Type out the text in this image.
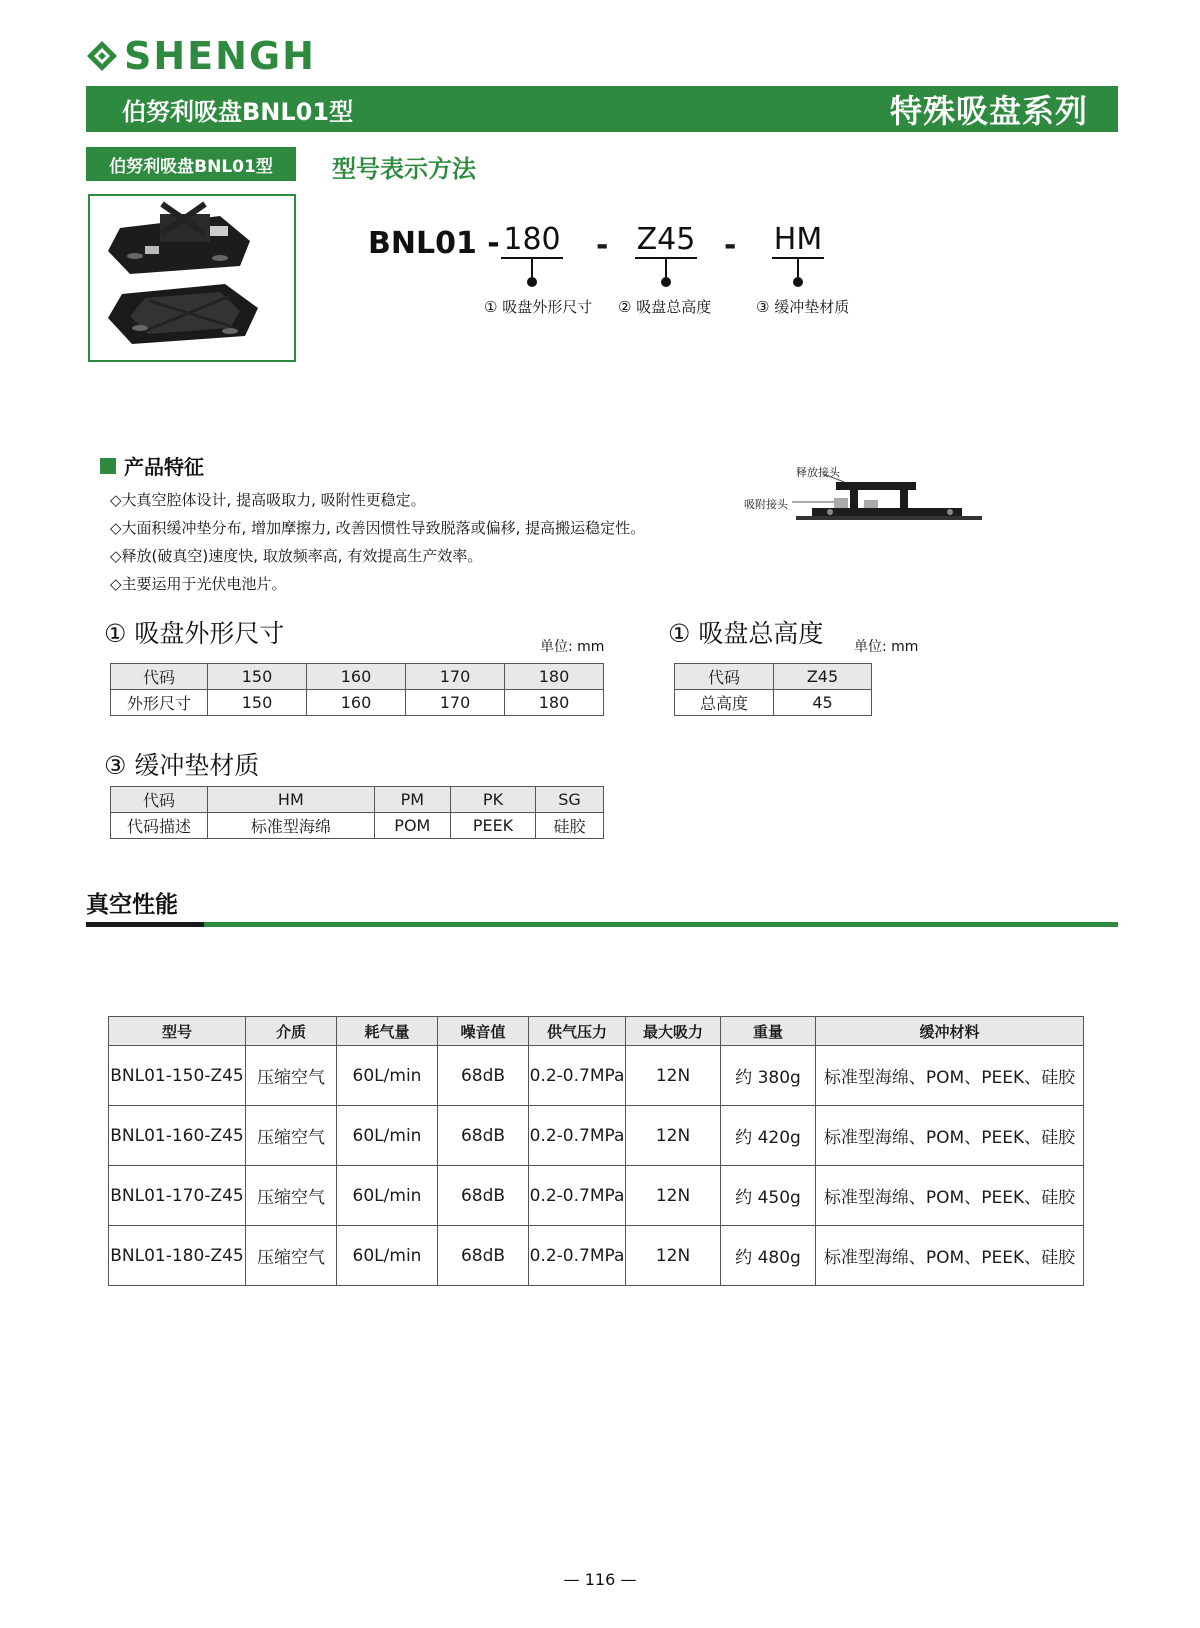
SHENGH
伯努利吸盘BNL01型	特殊吸盘系列
伯努利吸盘BNL01型	型号表示方法
BNL01 - 180 - Z45 - HM
① 吸盘外形尺寸 ② 吸盘总高度	③ 缓冲垫材质
产品特征
◇大真空腔体设计, 提高吸取力, 吸附性更稳定。
◇大面积缓冲垫分布, 增加摩擦力, 改善因惯性导致脱落或偏移, 提高搬运稳定性。
◇释放(破真空)速度快, 取放频率高, 有效提高生产效率。
◇主要运用于光伏电池片。
释放接头
吸附接头
① 吸盘外形尺寸	单位: mm
代码	150	160	170	180
外形尺寸	150	160	170	180
① 吸盘总高度 单位: mm
代码	Z45
总高度	45
③ 缓冲垫材质
代码	HM	PM	PK	SG
代码描述	标准型海绵	POM	PEEK	硅胶
真空性能
型号	介质	耗气量	噪音值	供气压力	最大吸力	重量	缓冲材料
BNL01-150-Z45	压缩空气	60L/min	68dB	0.2-0.7MPa	12N	约 380g	标准型海绵、POM、PEEK、硅胶
BNL01-160-Z45	压缩空气	60L/min	68dB	0.2-0.7MPa	12N	约 420g	标准型海绵、POM、PEEK、硅胶
BNL01-170-Z45	压缩空气	60L/min	68dB	0.2-0.7MPa	12N	约 450g	标准型海绵、POM、PEEK、硅胶
BNL01-180-Z45	压缩空气	60L/min	68dB	0.2-0.7MPa	12N	约 480g	标准型海绵、POM、PEEK、硅胶
— 116 —
